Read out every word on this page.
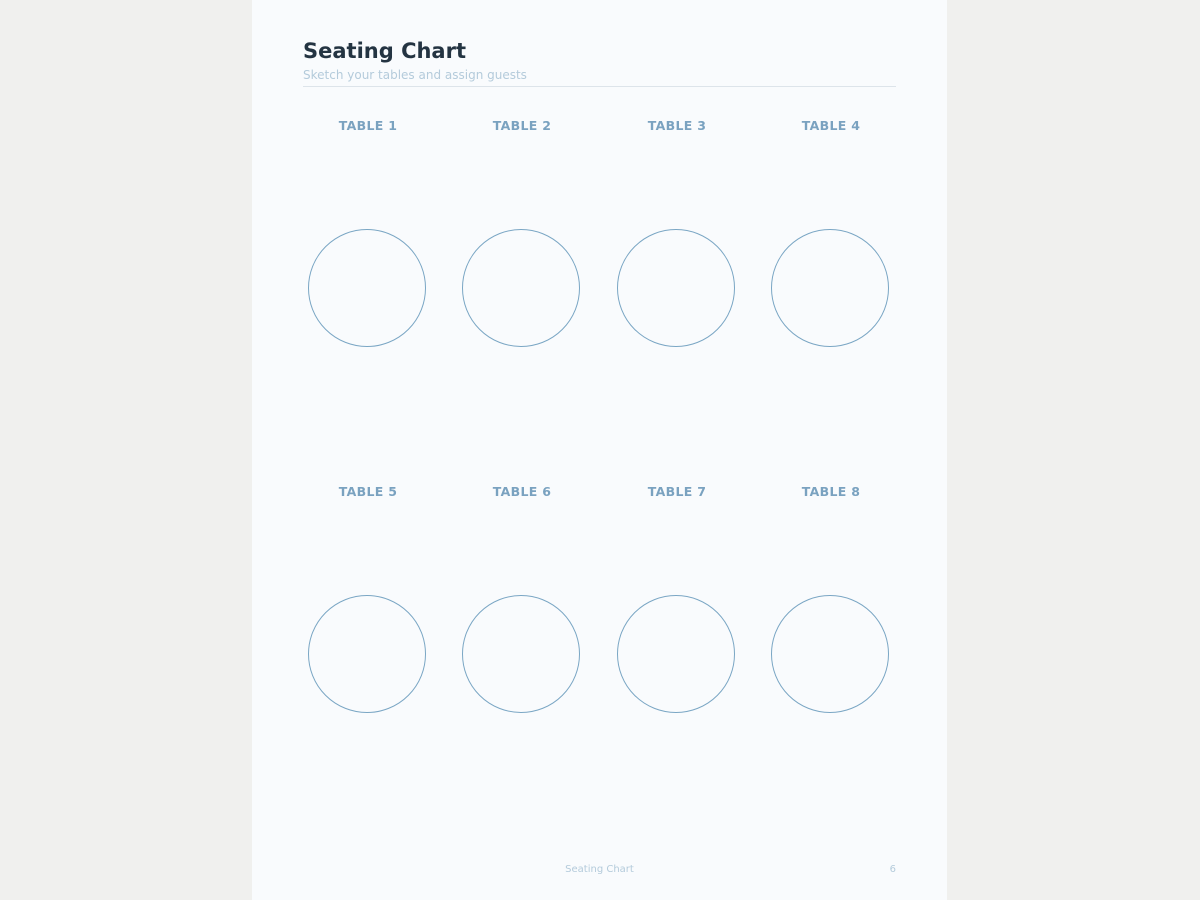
Seating Chart
Sketch your tables and assign guests
TABLE 1	TABLE 2	TABLE 3	TABLE 4
TABLE 5	TABLE 6	TABLE 7	TABLE 8
Seating Chart	6
